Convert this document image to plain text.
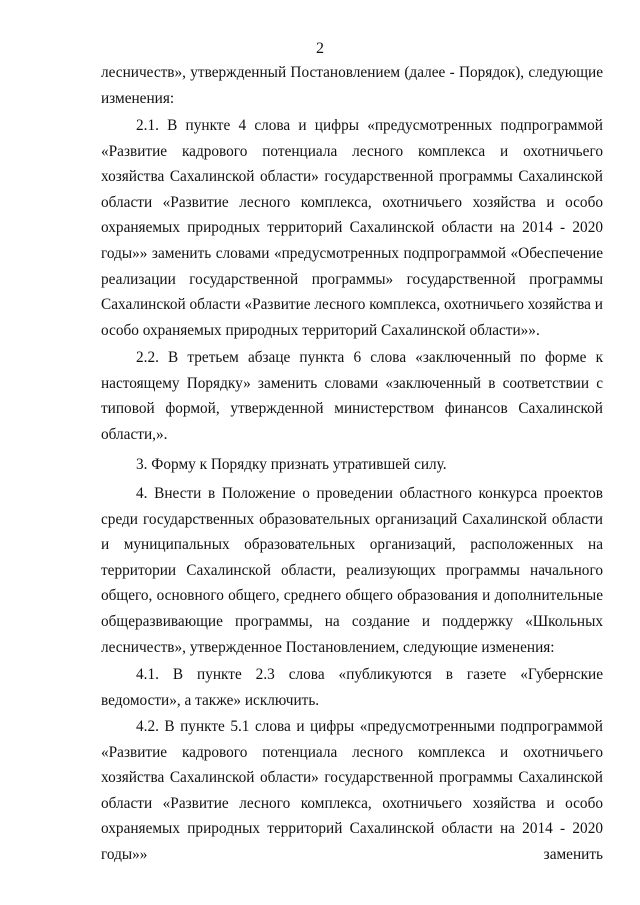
2

лесничеств», утвержденный Постановлением (далее - Порядок), следующие изменения:

2.1. В пункте 4 слова и цифры «предусмотренных подпрограммой «Развитие кадрового потенциала лесного комплекса и охотничьего хозяйства Сахалинской области» государственной программы Сахалинской области «Развитие лесного комплекса, охотничьего хозяйства и особо охраняемых природных территорий Сахалинской области на 2014 - 2020 годы»» заменить словами «предусмотренных подпрограммой «Обеспечение реализации государственной программы» государственной программы Сахалинской области «Развитие лесного комплекса, охотничьего хозяйства и особо охраняемых природных территорий Сахалинской области»».

2.2. В третьем абзаце пункта 6 слова «заключенный по форме к настоящему Порядку» заменить словами «заключенный в соответствии с типовой формой, утвержденной министерством финансов Сахалинской области,».

3. Форму к Порядку признать утратившей силу.

4. Внести в Положение о проведении областного конкурса проектов среди государственных образовательных организаций Сахалинской области и муниципальных образовательных организаций, расположенных на территории Сахалинской области, реализующих программы начального общего, основного общего, среднего общего образования и дополнительные общеразвивающие программы, на создание и поддержку «Школьных лесничеств», утвержденное Постановлением, следующие изменения:

4.1. В пункте 2.3 слова «публикуются в газете «Губернские ведомости», а также» исключить.

4.2. В пункте 5.1 слова и цифры «предусмотренными подпрограммой «Развитие кадрового потенциала лесного комплекса и охотничьего хозяйства Сахалинской области» государственной программы Сахалинской области «Развитие лесного комплекса, охотничьего хозяйства и особо охраняемых природных территорий Сахалинской области на 2014 - 2020 годы»» заменить
